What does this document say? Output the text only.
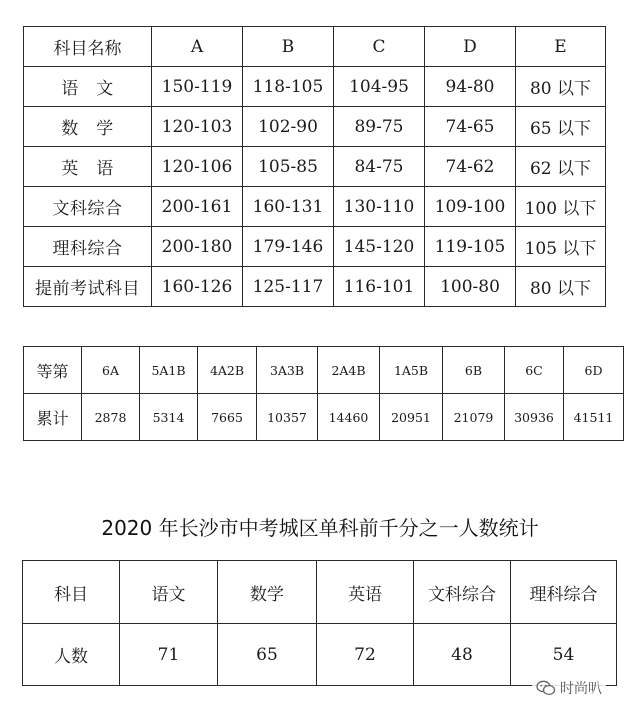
科目名称	A	B	C	D	E
语　文	150-119	118-105	104-95	94-80	80 以下
数　学	120-103	102-90	89-75	74-65	65 以下
英　语	120-106	105-85	84-75	74-62	62 以下
文科综合	200-161	160-131	130-110	109-100	100 以下
理科综合	200-180	179-146	145-120	119-105	105 以下
提前考试科目	160-126	125-117	116-101	100-80	80 以下
等第	6A	5A1B	4A2B	3A3B	2A4B	1A5B	6B	6C	6D
累计	2878	5314	7665	10357	14460	20951	21079	30936	41511
2020 年长沙市中考城区单科前千分之一人数统计
科目	语文	数学	英语	文科综合	理科综合
人数	71	65	72	48	54
时尚叭
